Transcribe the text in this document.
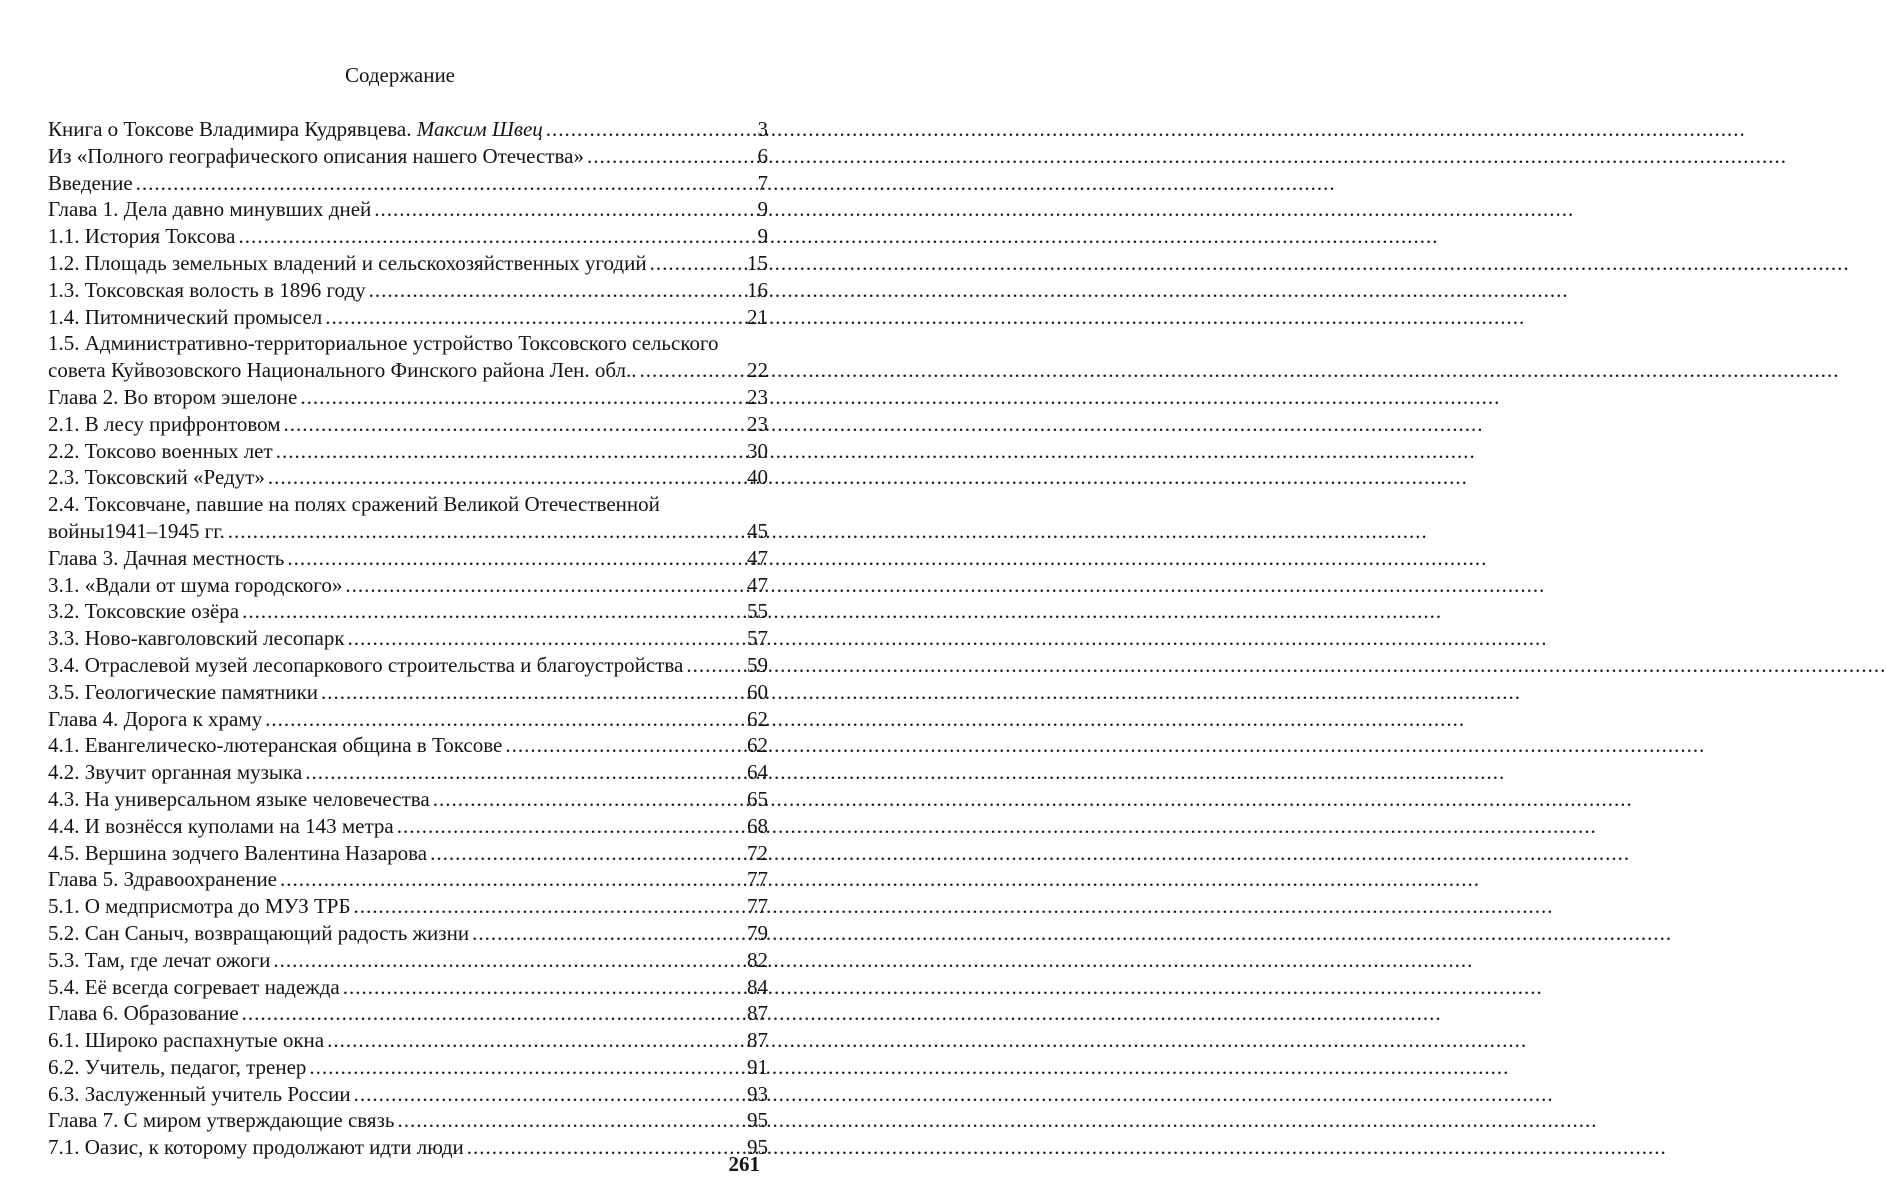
Содержание
Книга о Токсове Владимира Кудрявцева. Максим Швец .....	3
Из «Полного географического описания нашего Отечества» .....	6
Введение .....	7
Глава 1. Дела давно минувших дней .....	9
1.1. История Токсова .....	9
1.2. Площадь земельных владений и сельскохозяйственных угодий .....	15
1.3. Токсовская волость в 1896 году .....	16
1.4. Питомнический промысел .....	21
1.5. Административно-территориальное устройство Токсовского сельского
совета Куйвозовского Национального Финского района Лен. обл.. .....	22
Глава 2. Во втором эшелоне .....	23
2.1. В лесу прифронтовом .....	23
2.2. Токсово военных лет .....	30
2.3. Токсовский «Редут» .....	40
2.4. Токсовчане, павшие на полях сражений Великой Отечественной
войны1941–1945 гг. .....	45
Глава 3. Дачная местность .....	47
3.1. «Вдали от шума городского» .....	47
3.2. Токсовские озёра .....	55
3.3. Ново-кавголовский лесопарк .....	57
3.4. Отраслевой музей лесопаркового строительства и благоустройства .....	59
3.5. Геологические памятники .....	60
Глава 4. Дорога к храму .....	62
4.1. Евангелическо-лютеранская община в Токсове .....	62
4.2. Звучит органная музыка .....	64
4.3. На универсальном языке человечества .....	65
4.4. И вознёсся куполами на 143 метра .....	68
4.5. Вершина зодчего Валентина Назарова .....	72
Глава 5. Здравоохранение .....	77
5.1. О медприсмотра до МУЗ ТРБ .....	77
5.2. Сан Саныч, возвращающий радость жизни .....	79
5.3. Там, где лечат ожоги .....	82
5.4. Её всегда согревает надежда .....	84
Глава 6. Образование .....	87
6.1. Широко распахнутые окна .....	87
6.2. Учитель, педагог, тренер .....	91
6.3. Заслуженный учитель России .....	93
Глава 7. С миром утверждающие связь .....	95
7.1. Оазис, к которому продолжают идти люди .....	95
261
